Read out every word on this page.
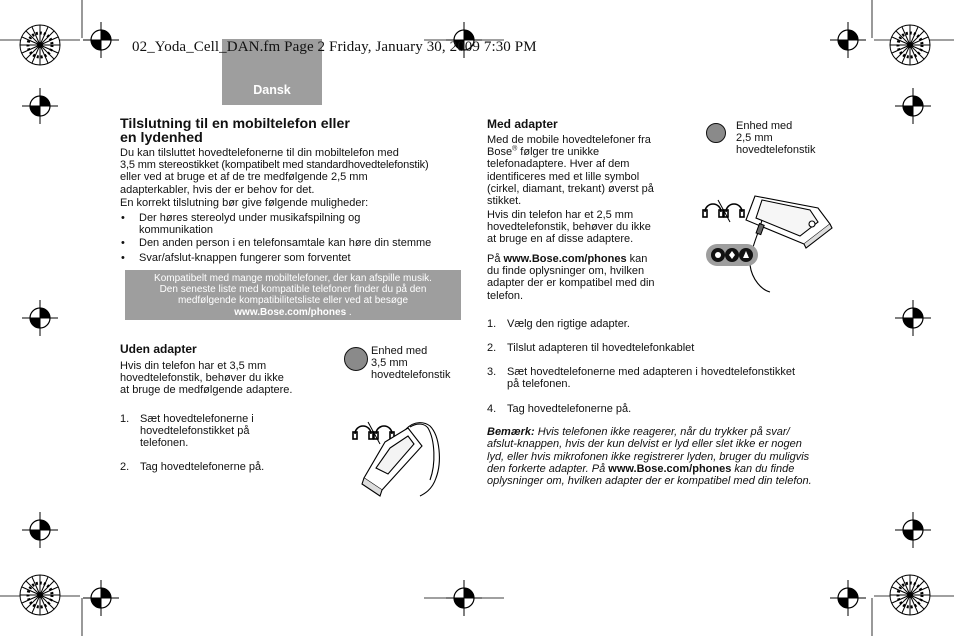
Dansk
02_Yoda_Cell_DAN.fm Page 2 Friday, January 30, 2009 7:30 PM
Tilslutning til en mobiltelefon eller
en lydenhed
Du kan tilsluttet hovedtelefonerne til din mobiltelefon med
3,5 mm stereostikket (kompatibelt med standardhovedtelefonstik)
eller ved at bruge et af de tre medfølgende 2,5 mm
adapterkabler, hvis der er behov for det.
En korrekt tilslutning bør give følgende muligheder:
• Der høres stereolyd under musikafspilning og
kommunikation
• Den anden person i en telefonsamtale kan høre din stemme
• Svar/afslut-knappen fungerer som forventet
Kompatibelt med mange mobiltelefoner, der kan afspille musik.
Den seneste liste med kompatible telefoner finder du på den
medfølgende kompatibilitetsliste eller ved at besøge
www.Bose.com/phones .
Uden adapter
Hvis din telefon har et 3,5 mm
hovedtelefonstik, behøver du ikke
at bruge de medfølgende adaptere.
1. Sæt hovedtelefonerne i
hovedtelefonstikket på
telefonen.
2. Tag hovedtelefonerne på.
Enhed med
3,5 mm
hovedtelefonstik
Med adapter
Med de mobile hovedtelefoner fra
Bose® følger tre unikke
telefonadaptere. Hver af dem
identificeres med et lille symbol
(cirkel, diamant, trekant) øverst på
stikket.
Hvis din telefon har et 2,5 mm
hovedtelefonstik, behøver du ikke
at bruge en af disse adaptere.
På www.Bose.com/phones kan
du finde oplysninger om, hvilken
adapter der er kompatibel med din
telefon.
Enhed med
2,5 mm
hovedtelefonstik
1. Vælg den rigtige adapter.
2. Tilslut adapteren til hovedtelefonkablet
3. Sæt hovedtelefonerne med adapteren i hovedtelefonstikket
på telefonen.
4. Tag hovedtelefonerne på.
Bemærk: Hvis telefonen ikke reagerer, når du trykker på svar/
afslut-knappen, hvis der kun delvist er lyd eller slet ikke er nogen
lyd, eller hvis mikrofonen ikke registrerer lyden, bruger du muligvis
den forkerte adapter. På www.Bose.com/phones kan du finde
oplysninger om, hvilken adapter der er kompatibel med din telefon.
